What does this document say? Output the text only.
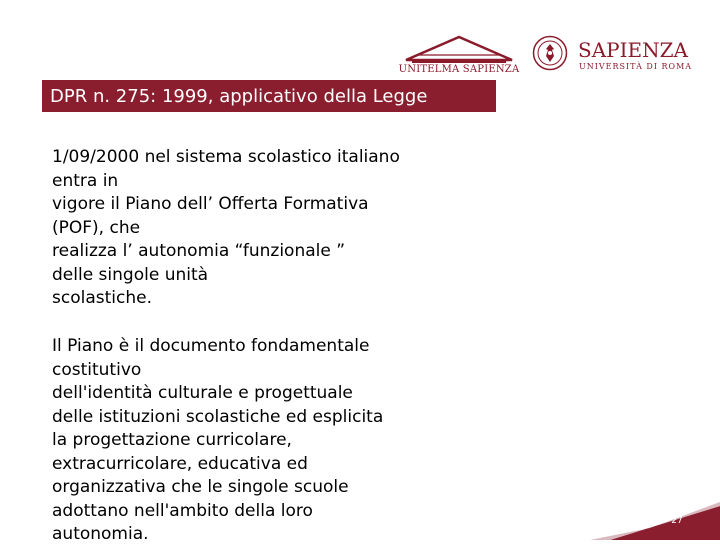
UNITELMA SAPIENZA
SAPIENZA
UNIVERSITÀ DI ROMA
DPR n. 275: 1999, applicativo della Legge

1/09/2000 nel sistema scolastico italiano

entra in

vigore il Piano dell’ Offerta Formativa

(POF), che

realizza l’ autonomia “funzionale ”

delle singole unità

scolastiche.

Il Piano è il documento fondamentale

costitutivo

dell'identità culturale e progettuale

delle istituzioni scolastiche ed esplicita

la progettazione curricolare,

extracurricolare, educativa ed

organizzativa che le singole scuole

adottano nell'ambito della loro

autonomia.

27
